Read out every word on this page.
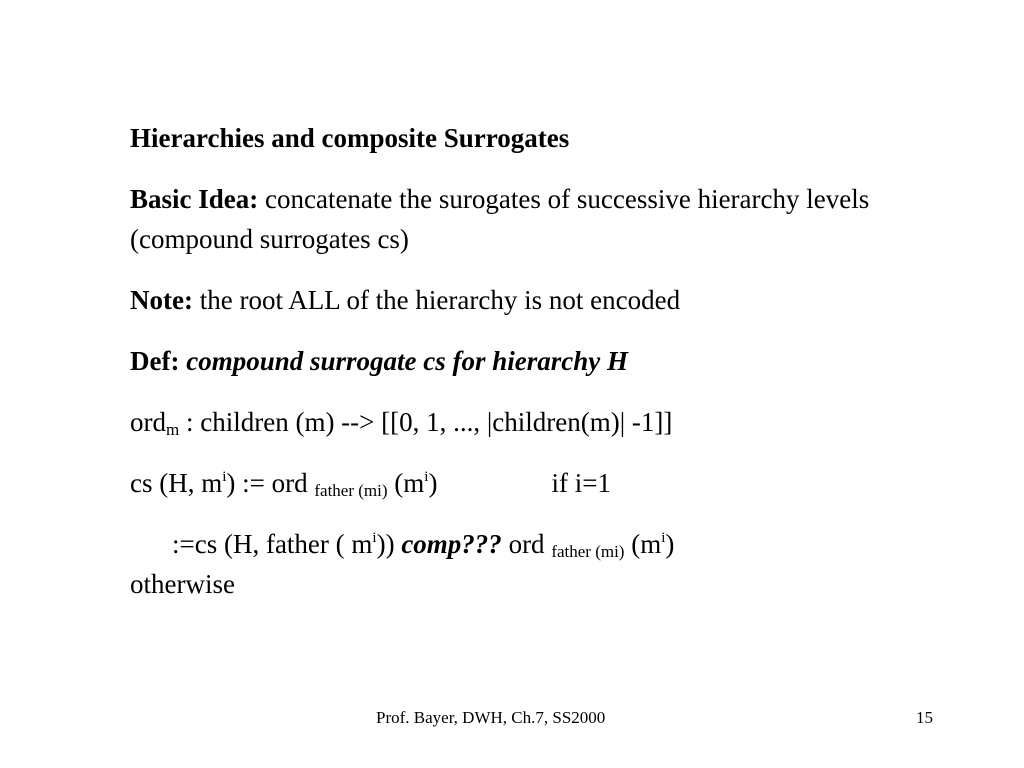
Hierarchies and composite Surrogates
Basic Idea: concatenate the surogates of successive hierarchy levels (compound surrogates cs)
Note: the root ALL of the hierarchy is not encoded
Def: compound surrogate cs for hierarchy H
ord$_m$ : children (m) --> [[0, 1, ..., |children(m)| -1]]
cs (H, $m^i$) := ord $_{father (mi)}$ $(m^i)$	if i=1
:=cs (H, father ( $m^i$)) comp??? ord $_{father (mi)}$ $(m^i)$
otherwise
Prof. Bayer, DWH, Ch.7, SS2000	15
